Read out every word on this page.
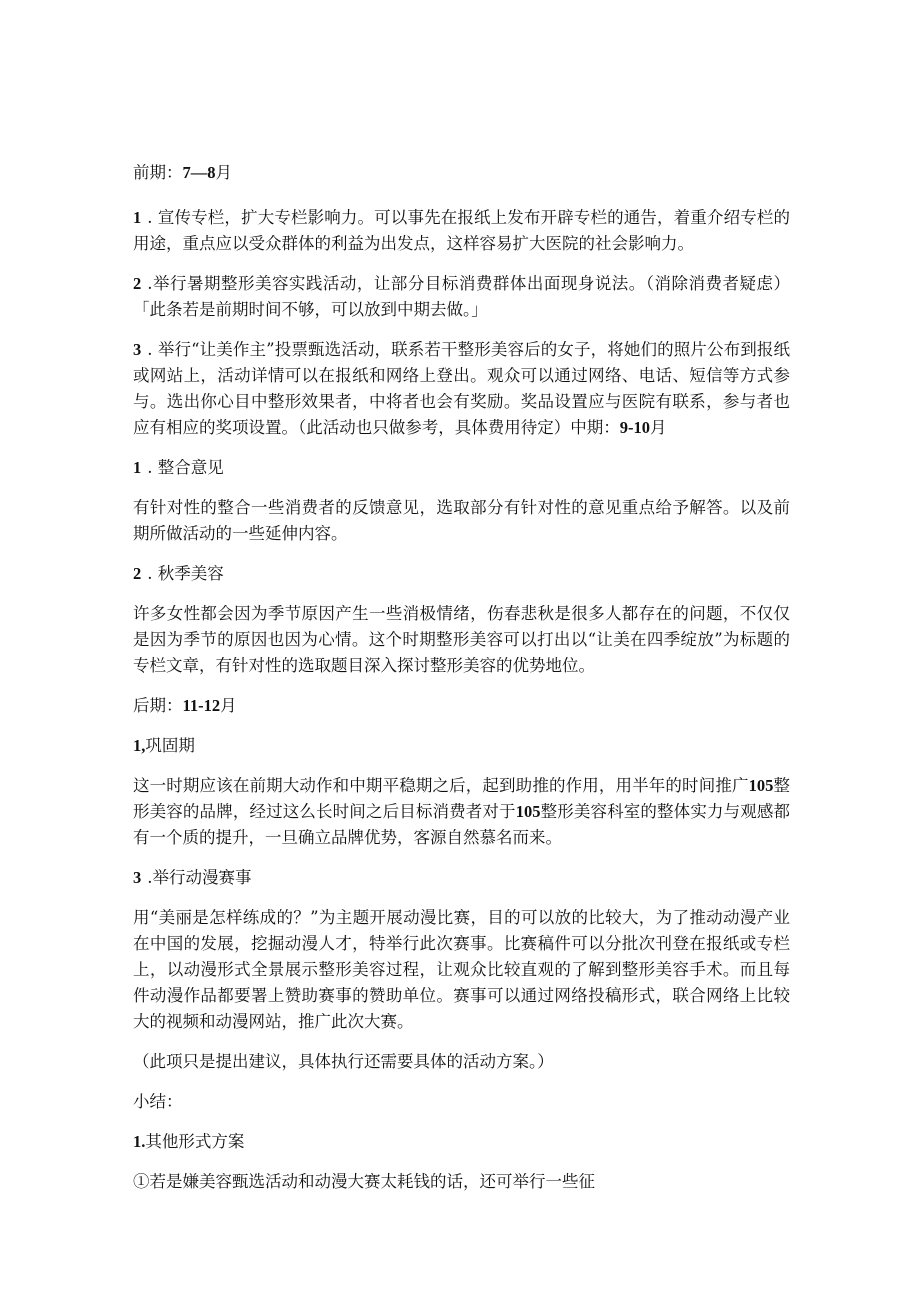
前期：7—8月

1 . 宣传专栏，扩大专栏影响力。可以事先在报纸上发布开辟专栏的通告，着重介绍专栏的用途，重点应以受众群体的利益为出发点，这样容易扩大医院的社会影响力。

2 .举行暑期整形美容实践活动，让部分目标消费群体出面现身说法。（消除消费者疑虑）「此条若是前期时间不够，可以放到中期去做。」

3 . 举行“让美作主”投票甄选活动，联系若干整形美容后的女子，将她们的照片公布到报纸或网站上，活动详情可以在报纸和网络上登出。观众可以通过网络、电话、短信等方式参与。选出你心目中整形效果者，中将者也会有奖励。奖品设置应与医院有联系，参与者也应有相应的奖项设置。（此活动也只做参考，具体费用待定）中期：9-10月

1 . 整合意见

有针对性的整合一些消费者的反馈意见，选取部分有针对性的意见重点给予解答。以及前期所做活动的一些延伸内容。

2 . 秋季美容

许多女性都会因为季节原因产生一些消极情绪，伤春悲秋是很多人都存在的问题，不仅仅是因为季节的原因也因为心情。这个时期整形美容可以打出以“让美在四季绽放”为标题的专栏文章，有针对性的选取题目深入探讨整形美容的优势地位。

后期：11-12月

1,巩固期

这一时期应该在前期大动作和中期平稳期之后，起到助推的作用，用半年的时间推广105整形美容的品牌，经过这么长时间之后目标消费者对于105整形美容科室的整体实力与观感都有一个质的提升，一旦确立品牌优势，客源自然慕名而来。

3 .举行动漫赛事

用“美丽是怎样练成的？”为主题开展动漫比赛，目的可以放的比较大，为了推动动漫产业在中国的发展，挖掘动漫人才，特举行此次赛事。比赛稿件可以分批次刊登在报纸或专栏上，以动漫形式全景展示整形美容过程，让观众比较直观的了解到整形美容手术。而且每件动漫作品都要署上赞助赛事的赞助单位。赛事可以通过网络投稿形式，联合网络上比较大的视频和动漫网站，推广此次大赛。

（此项只是提出建议，具体执行还需要具体的活动方案。）

小结：

1.其他形式方案

①若是嫌美容甄选活动和动漫大赛太耗钱的话，还可举行一些征
